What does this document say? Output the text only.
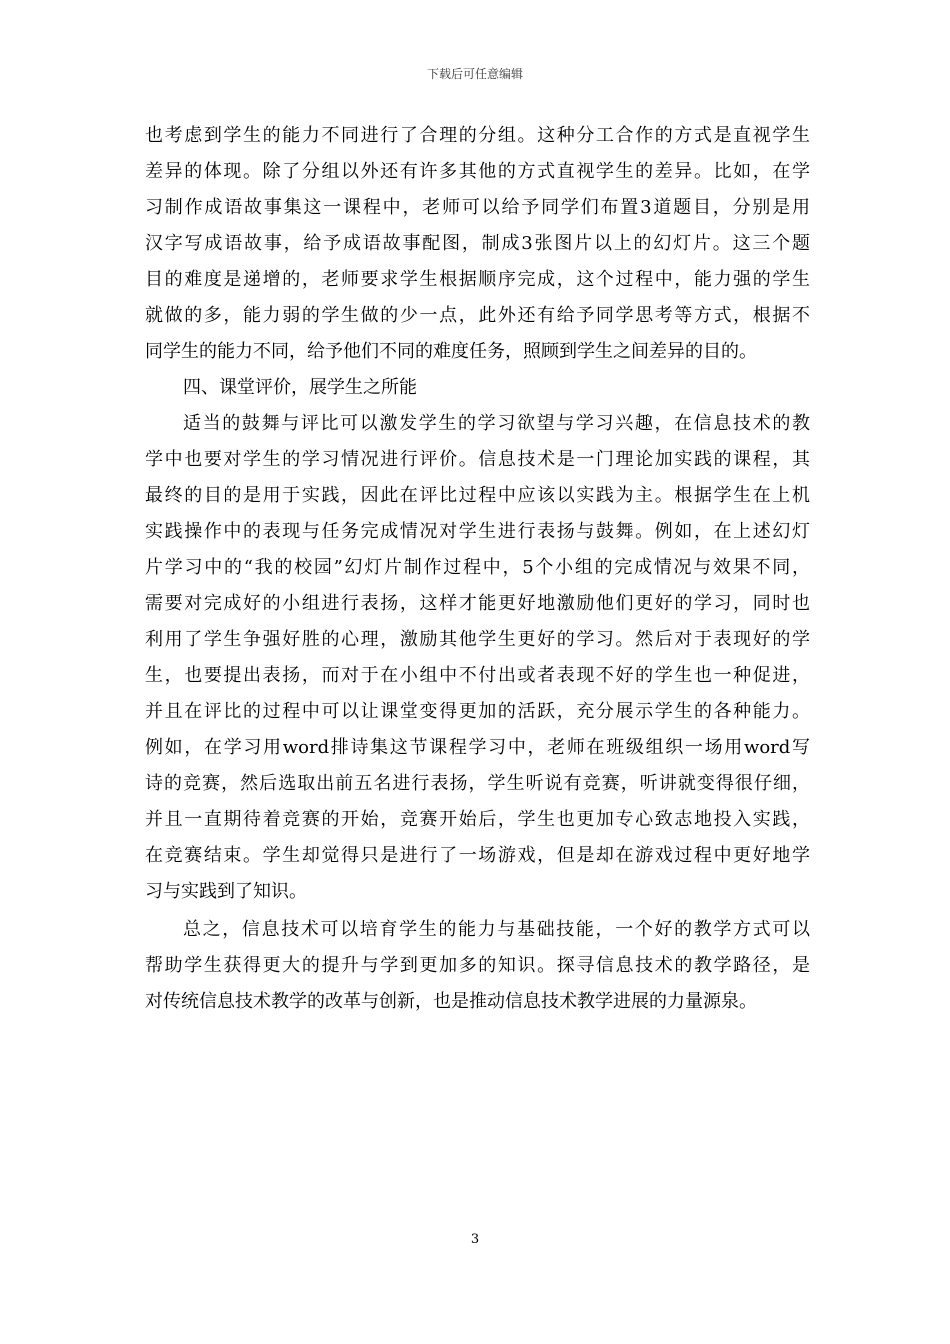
下载后可任意编辑
也考虑到学生的能力不同进行了合理的分组。这种分工合作的方式是直视学生
差异的体现。除了分组以外还有许多其他的方式直视学生的差异。比如，在学
习制作成语故事集这一课程中，老师可以给予同学们布置3道题目，分别是用
汉字写成语故事，给予成语故事配图，制成3张图片以上的幻灯片。这三个题
目的难度是递增的，老师要求学生根据顺序完成，这个过程中，能力强的学生
就做的多，能力弱的学生做的少一点，此外还有给予同学思考等方式，根据不
同学生的能力不同，给予他们不同的难度任务，照顾到学生之间差异的目的。
四、课堂评价，展学生之所能
适当的鼓舞与评比可以激发学生的学习欲望与学习兴趣，在信息技术的教
学中也要对学生的学习情况进行评价。信息技术是一门理论加实践的课程，其
最终的目的是用于实践，因此在评比过程中应该以实践为主。根据学生在上机
实践操作中的表现与任务完成情况对学生进行表扬与鼓舞。例如，在上述幻灯
片学习中的“我的校园”幻灯片制作过程中，5个小组的完成情况与效果不同，
需要对完成好的小组进行表扬，这样才能更好地激励他们更好的学习，同时也
利用了学生争强好胜的心理，激励其他学生更好的学习。然后对于表现好的学
生，也要提出表扬，而对于在小组中不付出或者表现不好的学生也一种促进，
并且在评比的过程中可以让课堂变得更加的活跃，充分展示学生的各种能力。
例如，在学习用word排诗集这节课程学习中，老师在班级组织一场用word写
诗的竞赛，然后选取出前五名进行表扬，学生听说有竞赛，听讲就变得很仔细，
并且一直期待着竞赛的开始，竞赛开始后，学生也更加专心致志地投入实践，
在竞赛结束。学生却觉得只是进行了一场游戏，但是却在游戏过程中更好地学
习与实践到了知识。
总之，信息技术可以培育学生的能力与基础技能，一个好的教学方式可以
帮助学生获得更大的提升与学到更加多的知识。探寻信息技术的教学路径，是
对传统信息技术教学的改革与创新，也是推动信息技术教学进展的力量源泉。
3
